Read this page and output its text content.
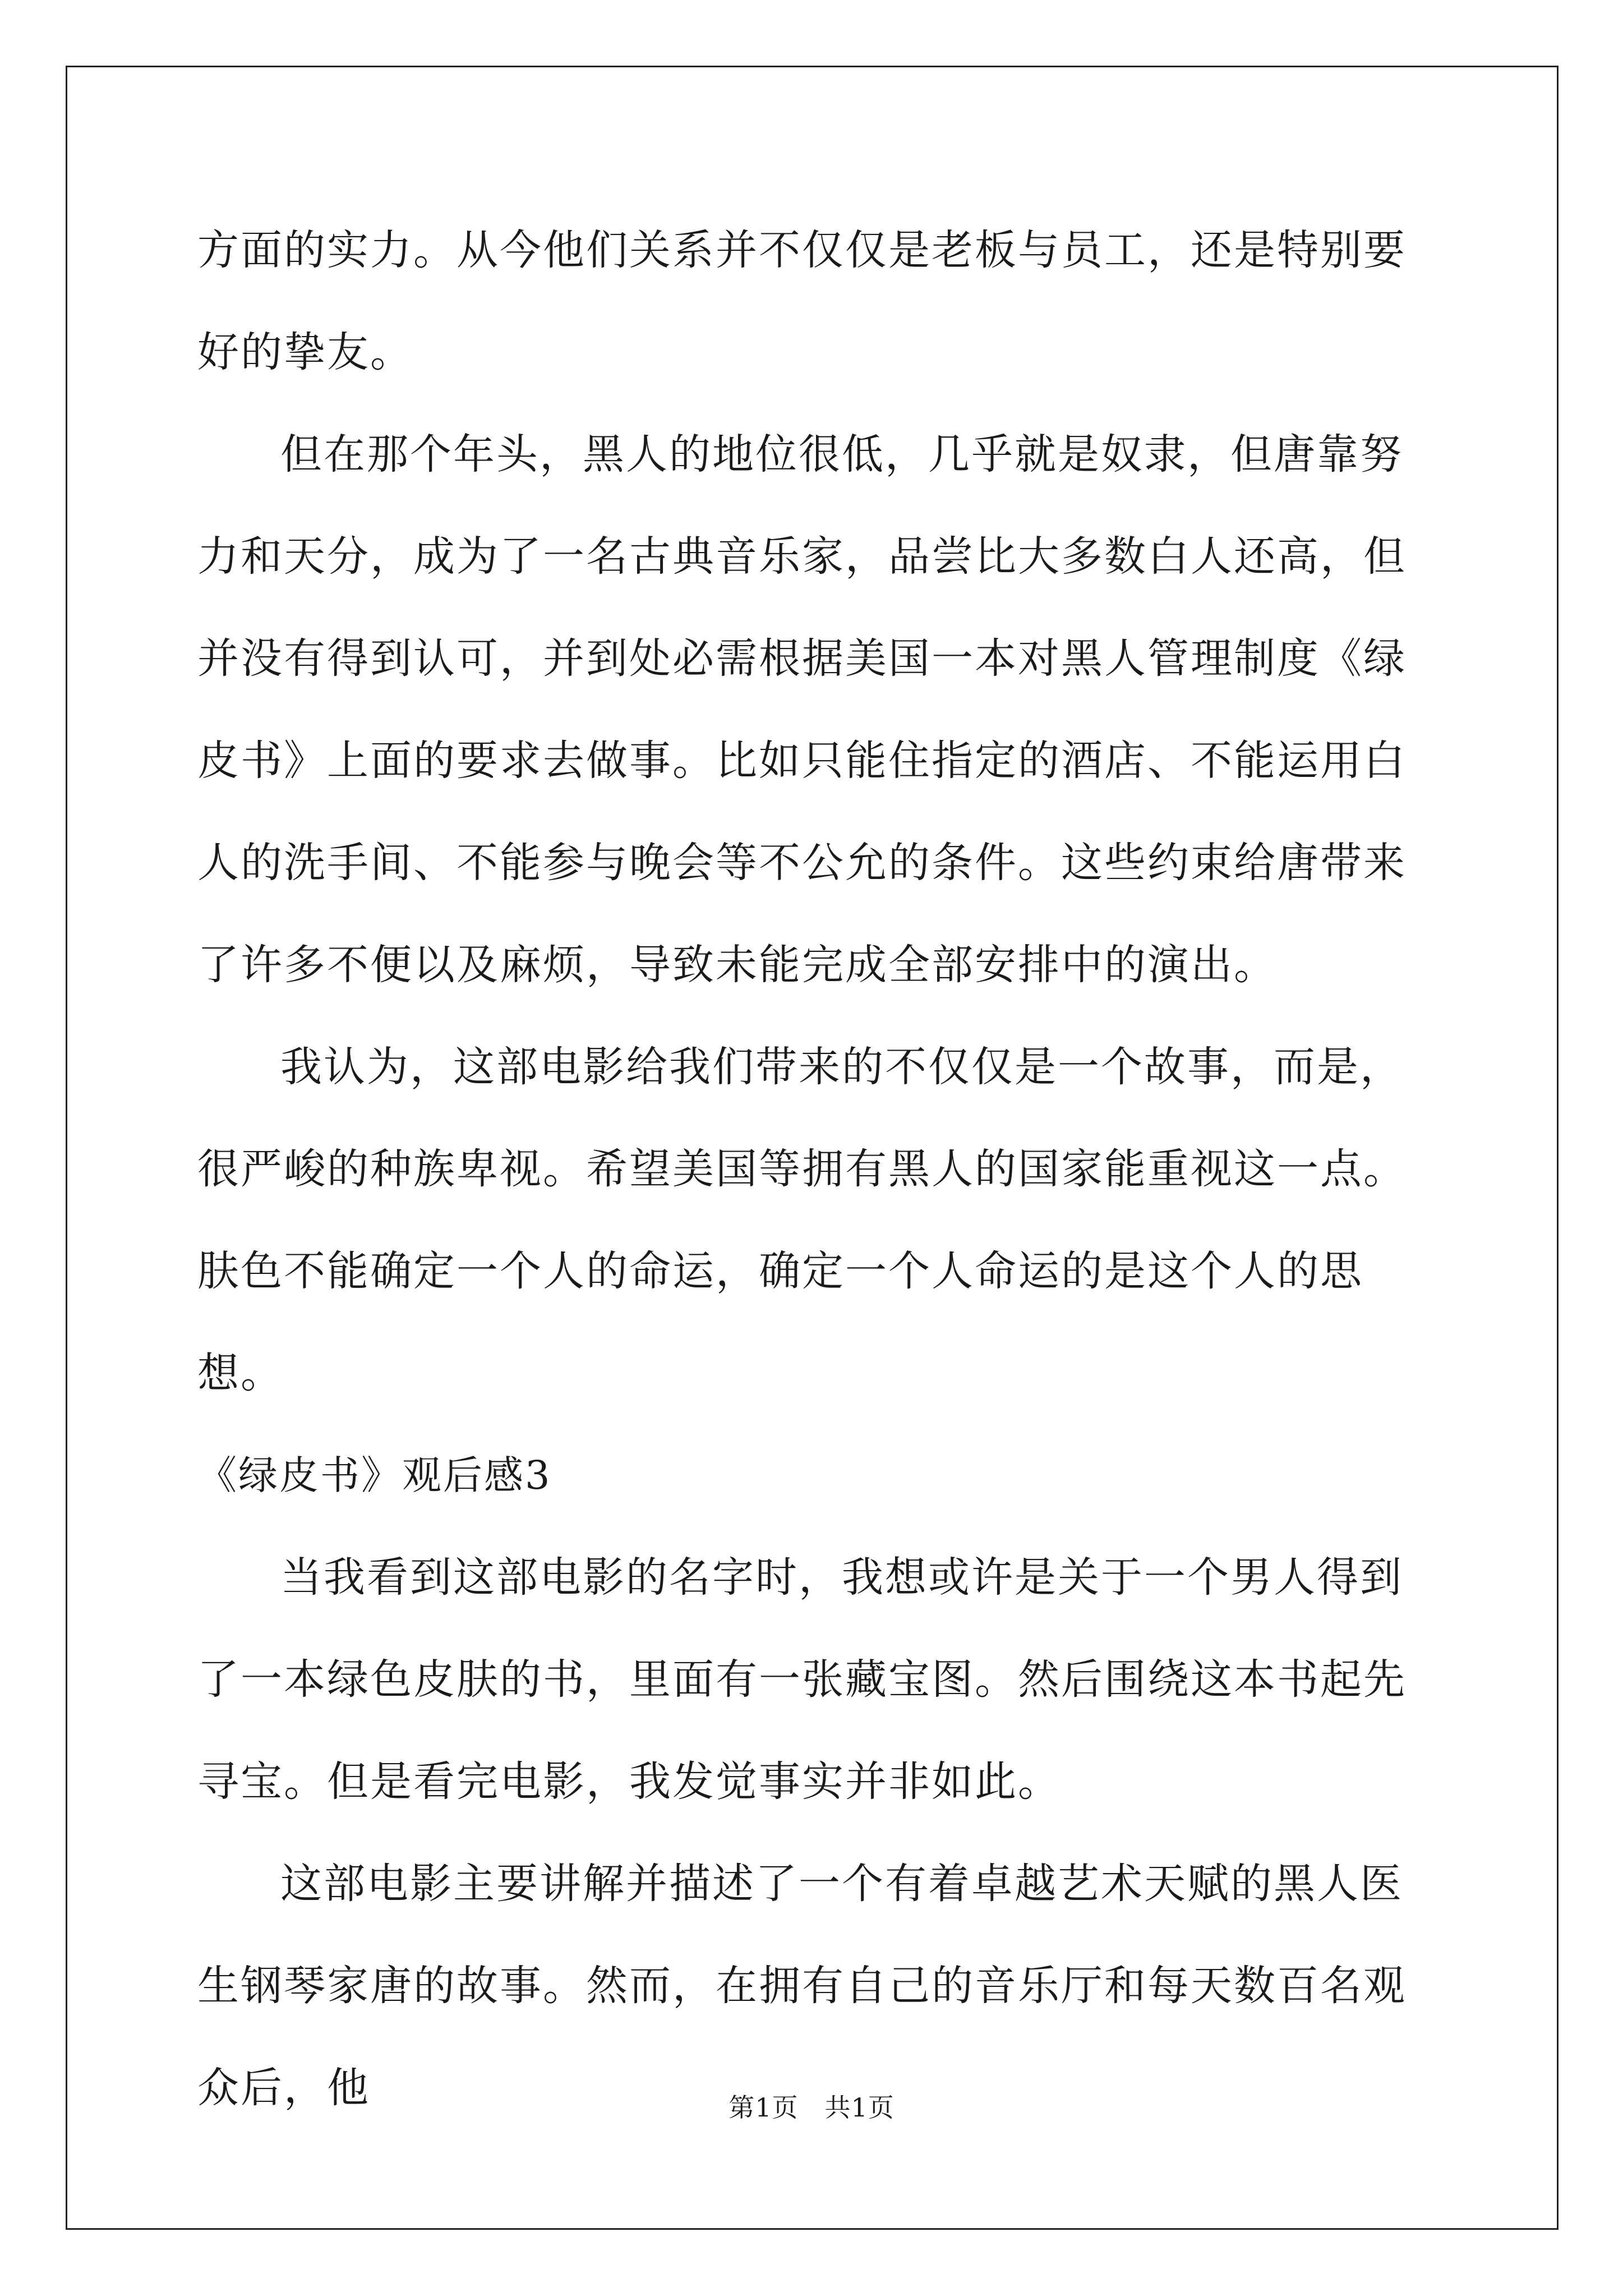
方面的实力。从今他们关系并不仅仅是老板与员工，还是特别要好的挚友。

但在那个年头，黑人的地位很低，几乎就是奴隶，但唐靠努力和天分，成为了一名古典音乐家，品尝比大多数白人还高，但并没有得到认可，并到处必需根据美国一本对黑人管理制度《绿皮书》上面的要求去做事。比如只能住指定的酒店、不能运用白人的洗手间、不能参与晚会等不公允的条件。这些约束给唐带来了许多不便以及麻烦，导致未能完成全部安排中的演出。

我认为，这部电影给我们带来的不仅仅是一个故事，而是，很严峻的种族卑视。希望美国等拥有黑人的国家能重视这一点。肤色不能确定一个人的命运，确定一个人命运的是这个人的思想。

《绿皮书》观后感3

当我看到这部电影的名字时，我想或许是关于一个男人得到了一本绿色皮肤的书，里面有一张藏宝图。然后围绕这本书起先寻宝。但是看完电影，我发觉事实并非如此。

这部电影主要讲解并描述了一个有着卓越艺术天赋的黑人医生钢琴家唐的故事。然而，在拥有自己的音乐厅和每天数百名观众后，他	第1页　共1页
